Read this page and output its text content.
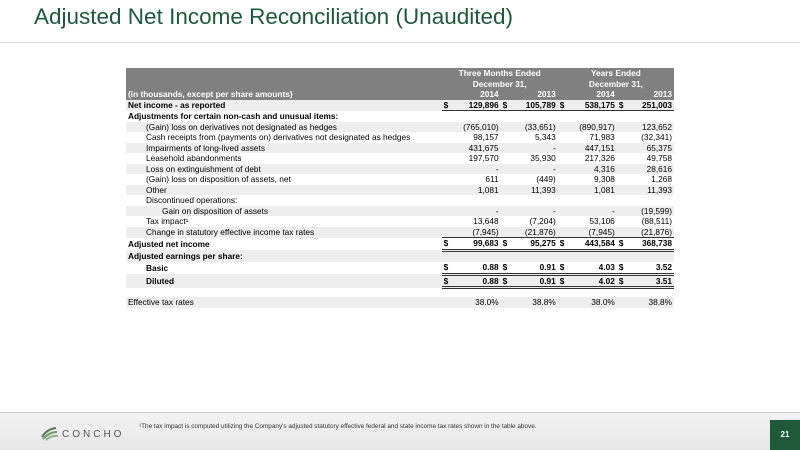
Adjusted Net Income Reconciliation (Unaudited)
	Three Months Ended				Years Ended			
	December 31,				December 31,			
(in thousands, except per share amounts)	2014		2013		2014		2013	
Net income - as reported	$	129,896	$	105,789	$	538,175	$	251,003
Adjustments for certain non-cash and unusual items:								
(Gain) loss on derivatives not designated as hedges		(765,010)		(33,651)		(890,917)		123,652
Cash receipts from (payments on) derivatives not designated as hedges		98,157		5,343		71,983		(32,341)
Impairments of long-lived assets		431,675		-		447,151		65,375
Leasehold abandonments		197,570		35,930		217,326		49,758
Loss on extinguishment of debt		-		-		4,316		28,616
(Gain) loss on disposition of assets, net		611		(449)		9,308		1,268
Other		1,081		11,393		1,081		11,393
Discontinued operations:								
Gain on disposition of assets		-		-		-		(19,599)
Tax impact¹		13,648		(7,204)		53,106		(88,511)
Change in statutory effective income tax rates		(7,945)		(21,876)		(7,945)		(21,876)
Adjusted net income	$	99,683	$	95,275	$	443,584	$	368,738
Adjusted earnings per share:								
Basic	$	0.88	$	0.91	$	4.03	$	3.52
Diluted	$	0.88	$	0.91	$	4.02	$	3.51

Effective tax rates		38.0%		38.8%		38.0%		38.8%
CONCHO
¹The tax impact is computed utilizing the Company's adjusted statutory effective federal and state income tax rates shown in the table above.
21
